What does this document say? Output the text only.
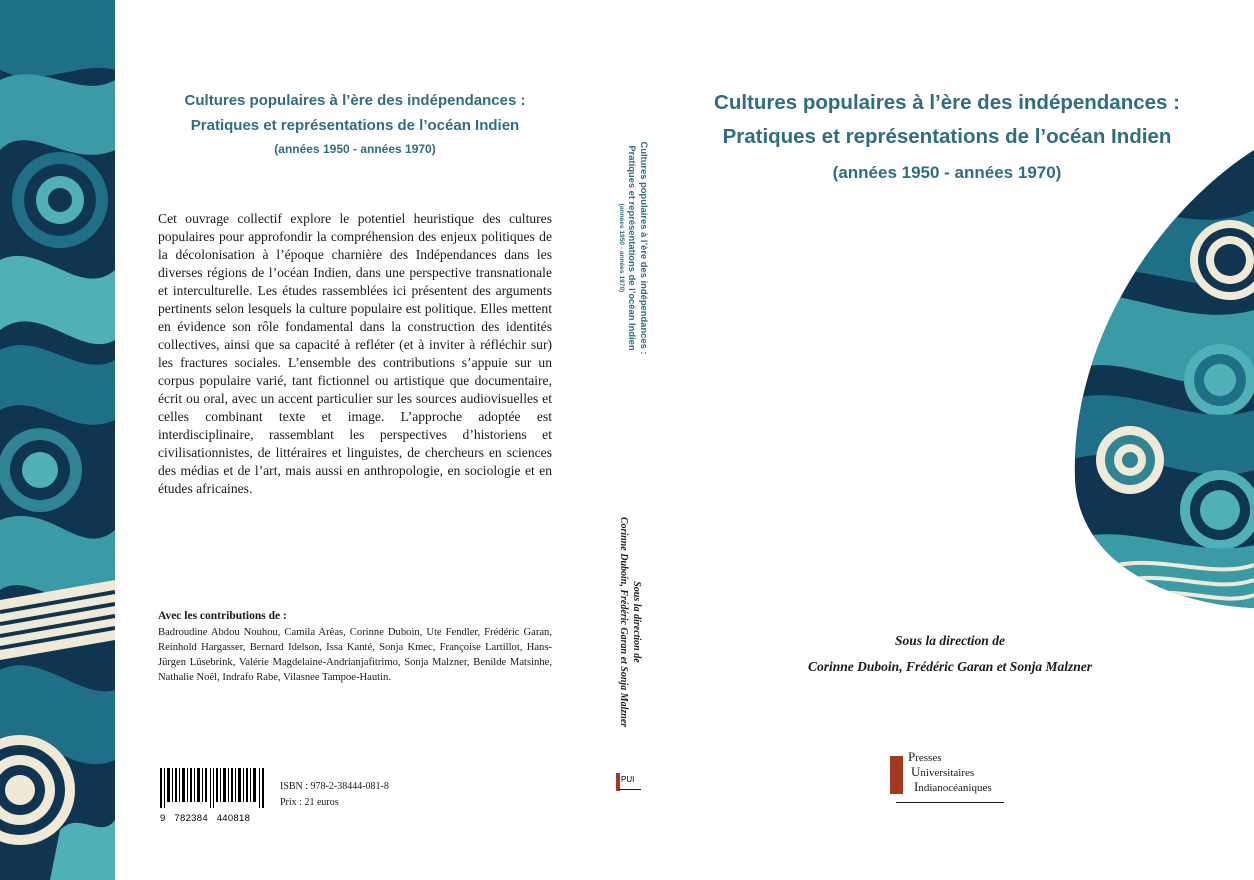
Cultures populaires à l’ère des indépendances :
Pratiques et représentations de l’océan Indien
(années 1950 - années 1970)
Cet ouvrage collectif explore le potentiel heuristique des cultures populaires pour approfondir la compréhension des enjeux politiques de la décolonisation à l’époque charnière des Indépendances dans les diverses régions de l’océan Indien, dans une perspective transnationale et interculturelle. Les études rassemblées ici présentent des arguments pertinents selon lesquels la culture populaire est politique. Elles mettent en évidence son rôle fondamental dans la construction des identités collectives, ainsi que sa capacité à refléter (et à inviter à réfléchir sur) les fractures sociales. L’ensemble des contributions s’appuie sur un corpus populaire varié, tant fictionnel ou artistique que documentaire, écrit ou oral, avec un accent particulier sur les sources audiovisuelles et celles combinant texte et image. L’approche adoptée est interdisciplinaire, rassemblant les perspectives d’historiens et civilisationnistes, de littéraires et linguistes, de chercheurs en sciences des médias et de l’art, mais aussi en anthropologie, en sociologie et en études africaines.
Avec les contributions de :
Badroudine Abdou Nouhou, Camila Arêas, Corinne Duboin, Ute Fendler, Frédéric Garan, Reinhold Hargasser, Bernard Idelson, Issa Kanté, Sonja Kmec, Françoise Lartillot, Hans-Jürgen Lüsebrink, Valérie Magdelaine-Andrianjafitrimo, Sonja Malzner, Benilde Matsinhe, Nathalie Noël, Indrafo Rabe, Vilasnee Tampoe-Hautin.
9   782384   440818
ISBN : 978-2-38444-081-8
Prix : 21 euros
Cultures populaires à l’ère des indépendances :
Pratiques et représentations de l’océan Indien
(années 1950 - années 1970)
Sous la direction de
Corinne Duboin, Frédéric Garan et Sonja Malzner
PUI
Cultures populaires à l’ère des indépendances :
Pratiques et représentations de l’océan Indien
(années 1950 - années 1970)
Sous la direction de
Corinne Duboin, Frédéric Garan et Sonja Malzner
Presses
Universitaires
Indianocéaniques
